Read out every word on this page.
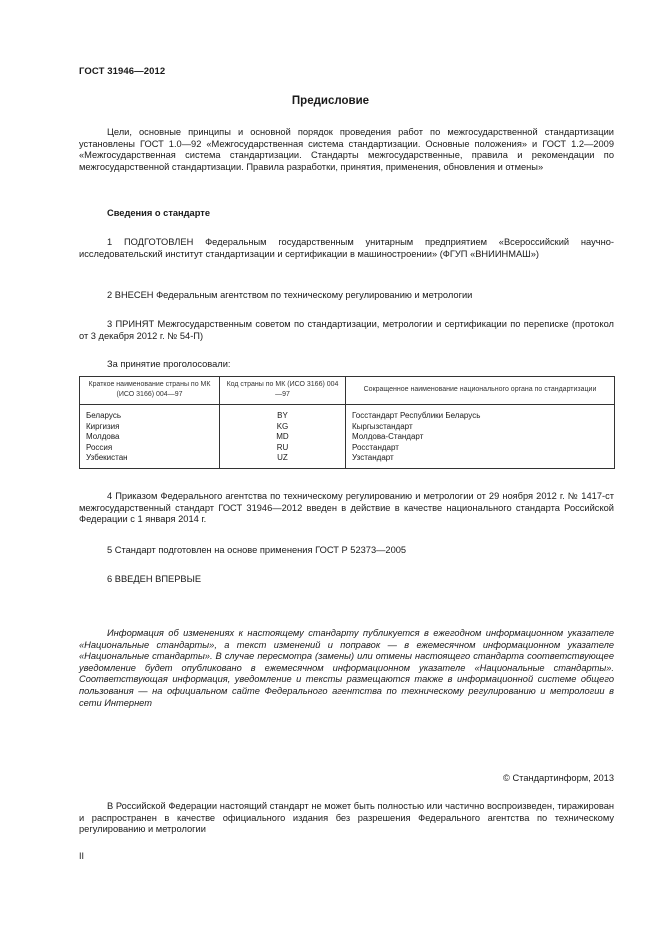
ГОСТ 31946—2012
Предисловие
Цели, основные принципы и основной порядок проведения работ по межгосударственной стандартизации установлены ГОСТ 1.0—92 «Межгосударственная система стандартизации. Основные положения» и ГОСТ 1.2—2009 «Межгосударственная система стандартизации. Стандарты межгосударственные, правила и рекомендации по межгосударственной стандартизации. Правила разработки, принятия, применения, обновления и отмены»
Сведения о стандарте
1 ПОДГОТОВЛЕН Федеральным государственным унитарным предприятием «Всероссийский научно-исследовательский институт стандартизации и сертификации в машиностроении» (ФГУП «ВНИИНМАШ»)
2 ВНЕСЕН Федеральным агентством по техническому регулированию и метрологии
3 ПРИНЯТ Межгосударственным советом по стандартизации, метрологии и сертификации по переписке (протокол от 3 декабря 2012 г. № 54-П)
За принятие проголосовали:
Краткое наименование страны по МК (ИСО 3166) 004—97	Код страны по МК (ИСО 3166) 004—97	Сокращенное наименование национального органа по стандартизации
Беларусь	BY	Госстандарт Республики Беларусь
Киргизия	KG	Кыргызстандарт
Молдова	MD	Молдова-Стандарт
Россия	RU	Росстандарт
Узбекистан	UZ	Узстандарт
4 Приказом Федерального агентства по техническому регулированию и метрологии от 29 ноября 2012 г. № 1417-ст межгосударственный стандарт ГОСТ 31946—2012 введен в действие в качестве национального стандарта Российской Федерации с 1 января 2014 г.
5 Стандарт подготовлен на основе применения ГОСТ Р 52373—2005
6 ВВЕДЕН ВПЕРВЫЕ
Информация об изменениях к настоящему стандарту публикуется в ежегодном информационном указателе «Национальные стандарты», а текст изменений и поправок — в ежемесячном информационном указателе «Национальные стандарты». В случае пересмотра (замены) или отмены настоящего стандарта соответствующее уведомление будет опубликовано в ежемесячном информационном указателе «Национальные стандарты». Соответствующая информация, уведомление и тексты размещаются также в информационной системе общего пользования — на официальном сайте Федерального агентства по техническому регулированию и метрологии в сети Интернет
© Стандартинформ, 2013
В Российской Федерации настоящий стандарт не может быть полностью или частично воспроизведен, тиражирован и распространен в качестве официального издания без разрешения Федерального агентства по техническому регулированию и метрологии
II
